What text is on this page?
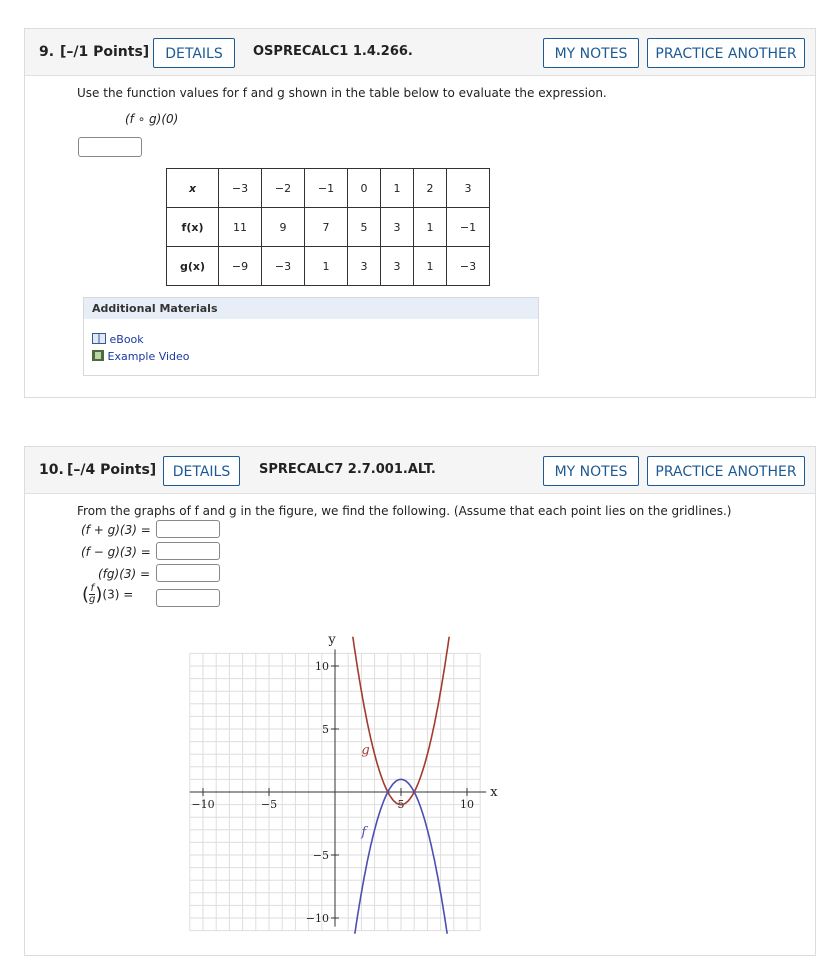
9. [–/1 Points]	DETAILS	OSPRECALC1 1.4.266.	MY NOTES	PRACTICE ANOTHER
Use the function values for f and g shown in the table below to evaluate the expression.
(f ∘ g)(0)
x	−3	−2	−1	0	1	2	3
f(x)	11	9	7	5	3	1	−1
g(x)	−9	−3	1	3	3	1	−3
Additional Materials
eBook
Example Video
10. [–/4 Points]	DETAILS	SPRECALC7 2.7.001.ALT.	MY NOTES	PRACTICE ANOTHER
From the graphs of f and g in the figure, we find the following. (Assume that each point lies on the gridlines.)
(f + g)(3) =
(f − g)(3) =
(fg)(3) =
( $\frac{f}{g} )(3)$ =
−10	−5	5	10
10
5
−5
−10
x
y
g
f
